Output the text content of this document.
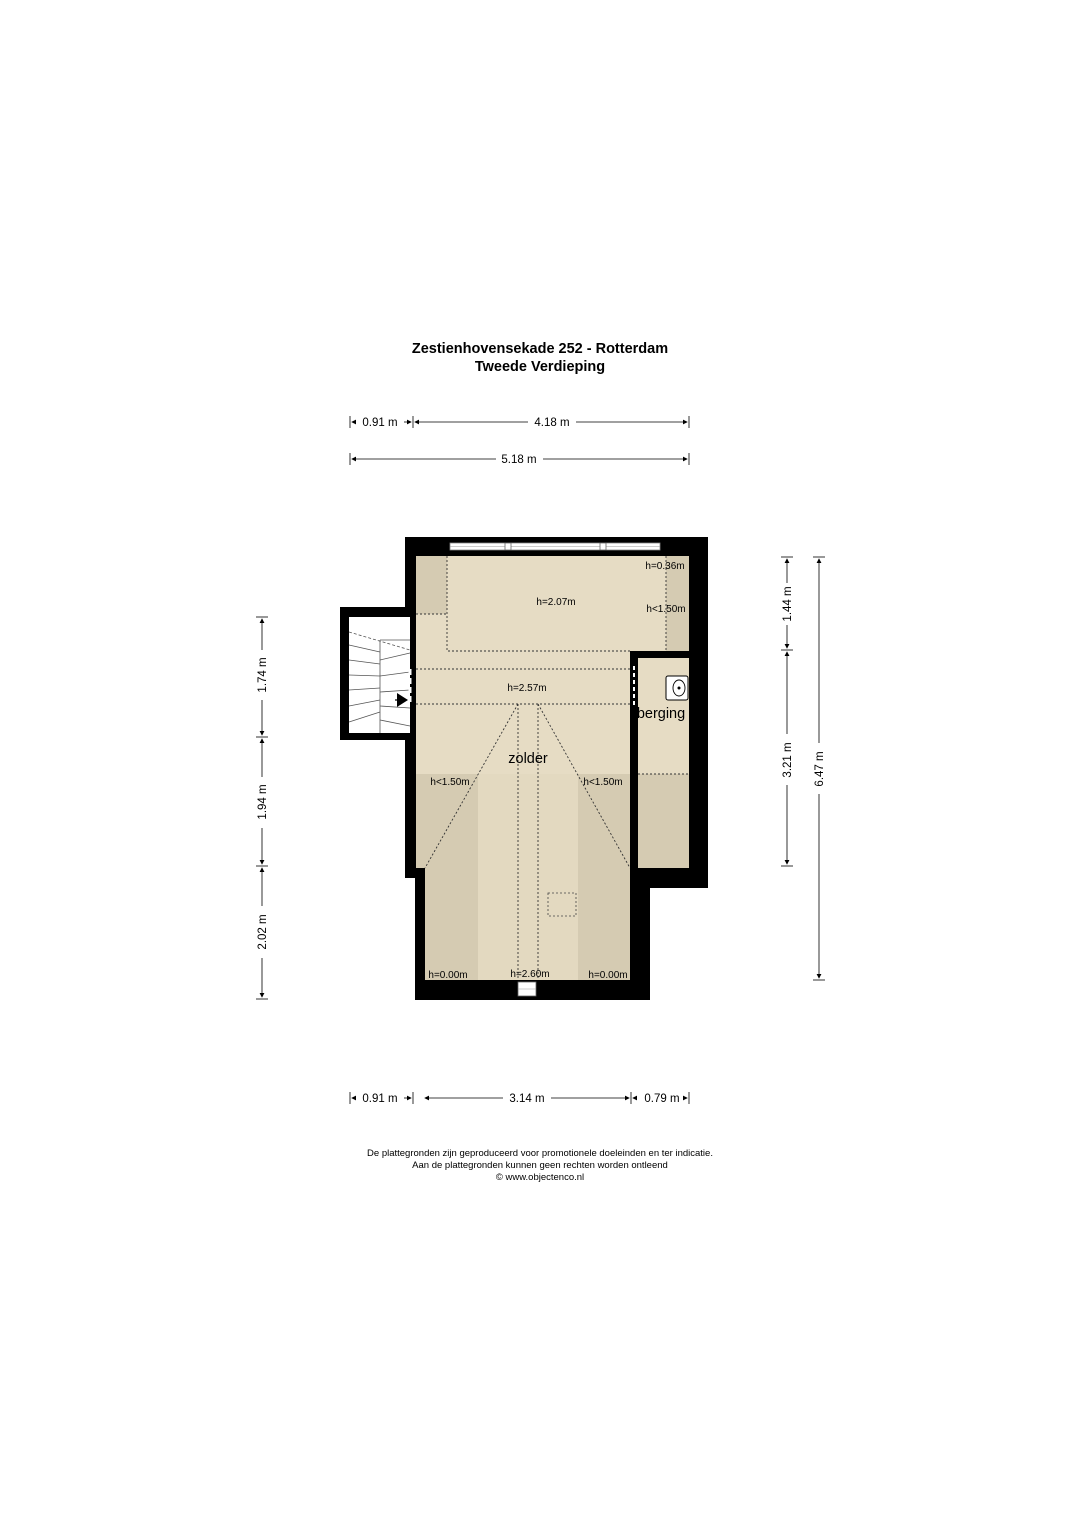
Zestienhovensekade 252 - Rotterdam
Tweede Verdieping
0.91 m	4.18 m
5.18 m
1.74 m
1.94 m
2.02 m
1.44 m
3.21 m 6.47 m
0.91 m	3.14 m	0.79 m
zolder
berging
h=0.36m
h=2.07m
h<1.50m
h=2.57m
h<1.50m	h<1.50m
h=0.00m	h=2.60m	h=0.00m
De plattegronden zijn geproduceerd voor promotionele doeleinden en ter indicatie.
Aan de plattegronden kunnen geen rechten worden ontleend
© www.objectenco.nl
